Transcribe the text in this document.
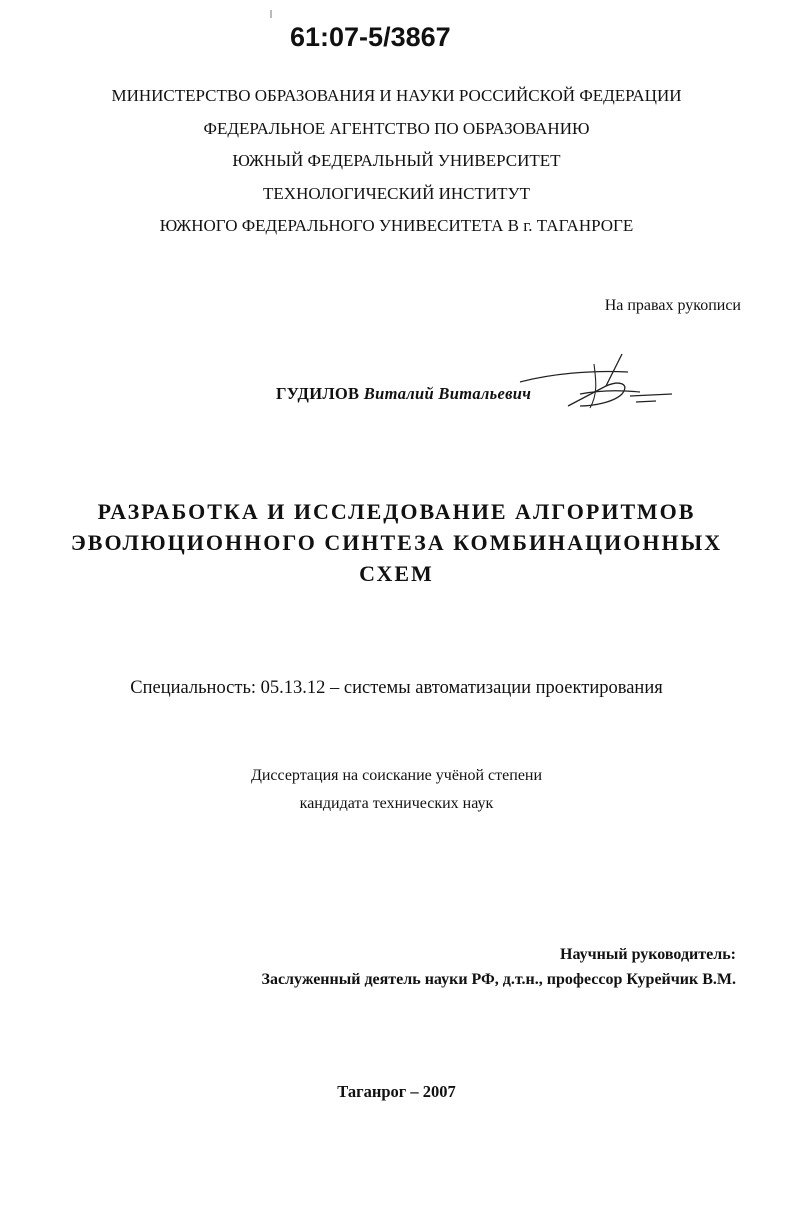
61:07-5/3867
МИНИСТЕРСТВО ОБРАЗОВАНИЯ И НАУКИ РОССИЙСКОЙ ФЕДЕРАЦИИ
ФЕДЕРАЛЬНОЕ АГЕНТСТВО ПО ОБРАЗОВАНИЮ
ЮЖНЫЙ ФЕДЕРАЛЬНЫЙ УНИВЕРСИТЕТ
ТЕХНОЛОГИЧЕСКИЙ ИНСТИТУТ
ЮЖНОГО ФЕДЕРАЛЬНОГО УНИВЕСИТЕТА В г. ТАГАНРОГЕ
На правах рукописи
ГУДИЛОВ Виталий Витальевич
РАЗРАБОТКА И ИССЛЕДОВАНИЕ АЛГОРИТМОВ
ЭВОЛЮЦИОННОГО СИНТЕЗА КОМБИНАЦИОННЫХ
СХЕМ
Специальность: 05.13.12 – системы автоматизации проектирования
Диссертация на соискание учёной степени
кандидата технических наук
Научный руководитель:
Заслуженный деятель науки РФ, д.т.н., профессор Курейчик В.М.
Таганрог – 2007
